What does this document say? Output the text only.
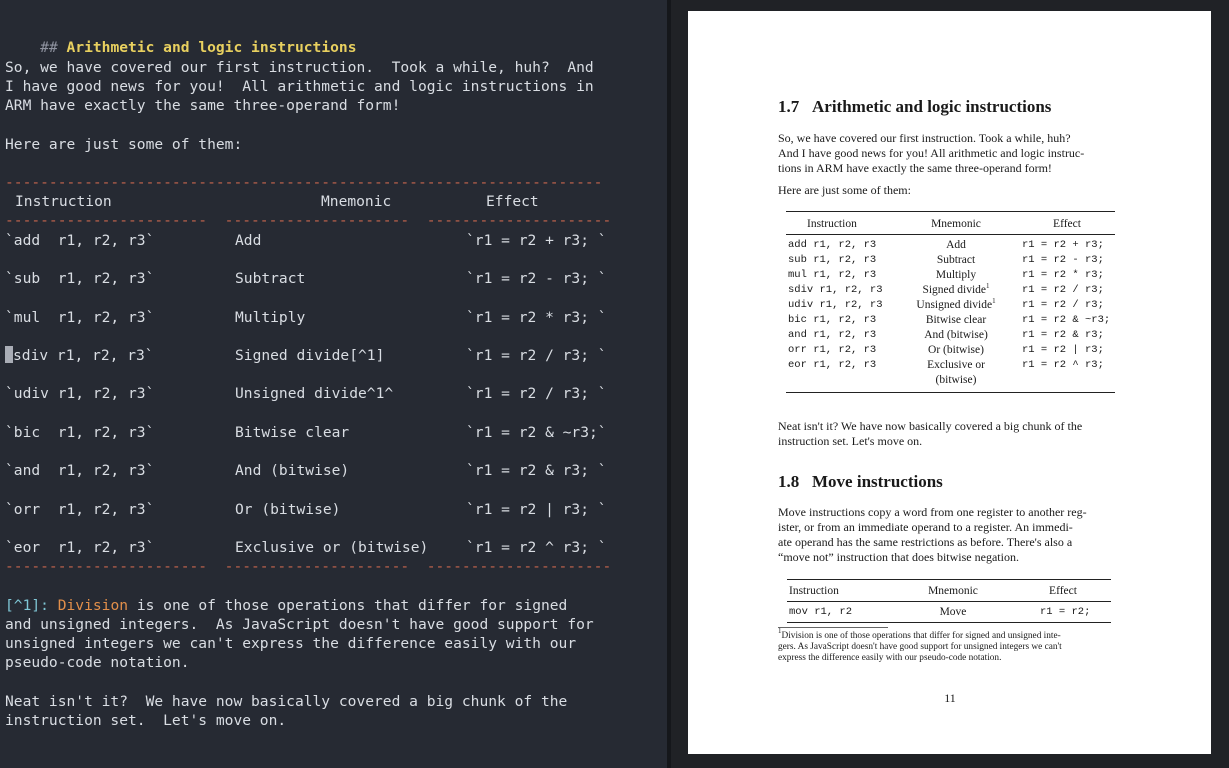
## Arithmetic and logic instructions

So, we have covered our first instruction.  Took a while, huh?  And
I have good news for you!  All arithmetic and logic instructions in
ARM have exactly the same three-operand form!
Here are just some of them:
--------------------------------------------------------------------
Instruction	Mnemonic	Effect
-----------------------  ---------------------  ---------------------
`add  r1, r2, r3`	Add	`r1 = r2 + r3; `
`sub  r1, r2, r3`	Subtract	`r1 = r2 - r3; `
`mul  r1, r2, r3`	Multiply	`r1 = r2 * r3; `
sdiv r1, r2, r3`	Signed divide[^1]	`r1 = r2 / r3; `
`udiv r1, r2, r3`	Unsigned divide^1^	`r1 = r2 / r3; `
`bic  r1, r2, r3`	Bitwise clear	`r1 = r2 & ~r3;`
`and  r1, r2, r3`	And (bitwise)	`r1 = r2 & r3; `
`orr  r1, r2, r3`	Or (bitwise)	`r1 = r2 | r3; `
`eor  r1, r2, r3`	Exclusive or (bitwise)	`r1 = r2 ^ r3; `
-----------------------  ---------------------  ---------------------
[^1]: Division is one of those operations that differ for signed
and unsigned integers.  As JavaScript doesn't have good support for
unsigned integers we can't express the difference easily with our
pseudo-code notation.
Neat isn't it?  We have now basically covered a big chunk of the
instruction set.  Let's move on.
1.7 Arithmetic and logic instructions
So, we have covered our first instruction. Took a while, huh?
And I have good news for you! All arithmetic and logic instruc-
tions in ARM have exactly the same three-operand form!
Here are just some of them:
Instruction	Mnemonic	Effect
add r1, r2, r3	Add	r1 = r2 + r3;
sub r1, r2, r3	Subtract	r1 = r2 - r3;
mul r1, r2, r3	Multiply	r1 = r2 * r3;
sdiv r1, r2, r3	Signed divide$^1$	r1 = r2 / r3;
udiv r1, r2, r3	Unsigned divide$^1$	r1 = r2 / r3;
bic r1, r2, r3	Bitwise clear	r1 = r2 & ~r3;
and r1, r2, r3	And (bitwise)	r1 = r2 & r3;
orr r1, r2, r3	Or (bitwise)	r1 = r2 | r3;
eor r1, r2, r3	Exclusive or	r1 = r2 ^ r3;
(bitwise)
Neat isn't it? We have now basically covered a big chunk of the
instruction set. Let's move on.
1.8 Move instructions
Move instructions copy a word from one register to another reg-
ister, or from an immediate operand to a register. An immedi-
ate operand has the same restrictions as before. There's also a
“move not” instruction that does bitwise negation.
Instruction	Mnemonic	Effect
mov r1, r2	Move	r1 = r2;
$^1$Division is one of those operations that differ for signed and unsigned inte-
gers. As JavaScript doesn't have good support for unsigned integers we can't
express the difference easily with our pseudo-code notation.
11
